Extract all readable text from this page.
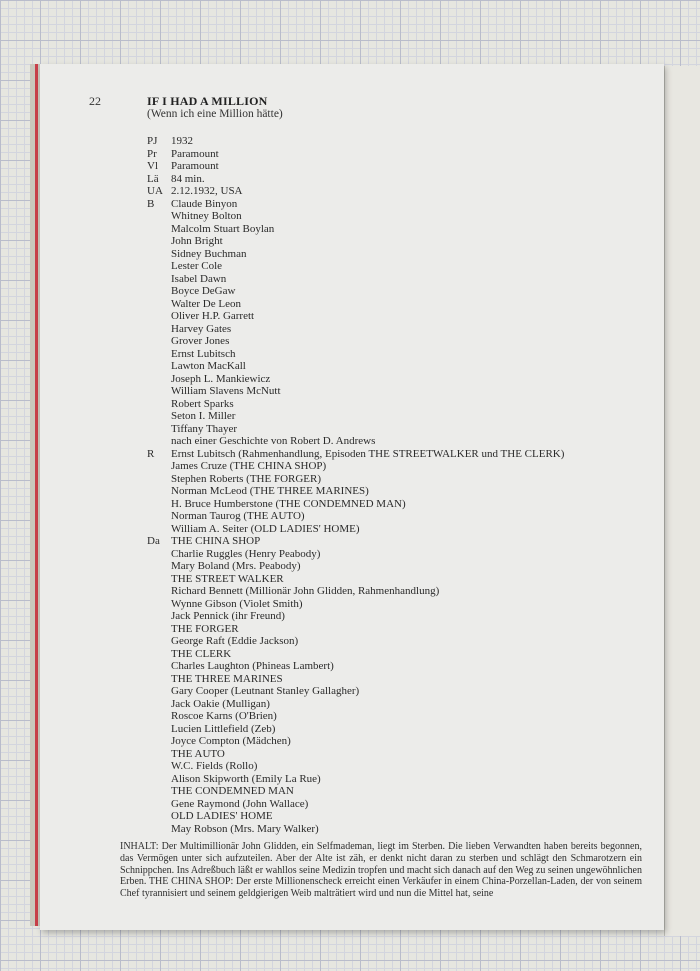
22	IF I HAD A MILLION
(Wenn ich eine Million hätte)
PJ	1932
Pr	Paramount
Vl	Paramount
Lä	84 min.
UA 2.12.1932, USA
B	Claude Binyon
Whitney Bolton
Malcolm Stuart Boylan
John Bright
Sidney Buchman
Lester Cole
Isabel Dawn
Boyce DeGaw
Walter De Leon
Oliver H.P. Garrett
Harvey Gates
Grover Jones
Ernst Lubitsch
Lawton MacKall
Joseph L. Mankiewicz
William Slavens McNutt
Robert Sparks
Seton I. Miller
Tiffany Thayer
nach einer Geschichte von Robert D. Andrews
R	Ernst Lubitsch (Rahmenhandlung, Episoden THE STREETWALKER und THE CLERK)
James Cruze (THE CHINA SHOP)
Stephen Roberts (THE FORGER)
Norman McLeod (THE THREE MARINES)
H. Bruce Humberstone (THE CONDEMNED MAN)
Norman Taurog (THE AUTO)
William A. Seiter (OLD LADIES' HOME)
Da	THE CHINA SHOP
Charlie Ruggles (Henry Peabody)
Mary Boland (Mrs. Peabody)
THE STREET WALKER
Richard Bennett (Millionär John Glidden, Rahmenhandlung)
Wynne Gibson (Violet Smith)
Jack Pennick (ihr Freund)
THE FORGER
George Raft (Eddie Jackson)
THE CLERK
Charles Laughton (Phineas Lambert)
THE THREE MARINES
Gary Cooper (Leutnant Stanley Gallagher)
Jack Oakie (Mulligan)
Roscoe Karns (O'Brien)
Lucien Littlefield (Zeb)
Joyce Compton (Mädchen)
THE AUTO
W.C. Fields (Rollo)
Alison Skipworth (Emily La Rue)
THE CONDEMNED MAN
Gene Raymond (John Wallace)
OLD LADIES' HOME
May Robson (Mrs. Mary Walker)
INHALT: Der Multimillionär John Glidden, ein Selfmademan, liegt im Sterben. Die lieben Verwandten haben bereits begonnen, das Vermögen unter sich aufzuteilen. Aber der Alte ist zäh, er denkt nicht daran zu sterben und schlägt den Schmarotzern ein Schnippchen. Ins Adreßbuch läßt er wahllos seine Medizin tropfen und macht sich danach auf den Weg zu seinen ungewöhnlichen Erben. THE CHINA SHOP: Der erste Millionenscheck erreicht einen Verkäufer in einem China-Porzellan-Laden, der von seinem Chef tyrannisiert und seinem geldgierigen Weib malträtiert wird und nun die Mittel hat, seine
